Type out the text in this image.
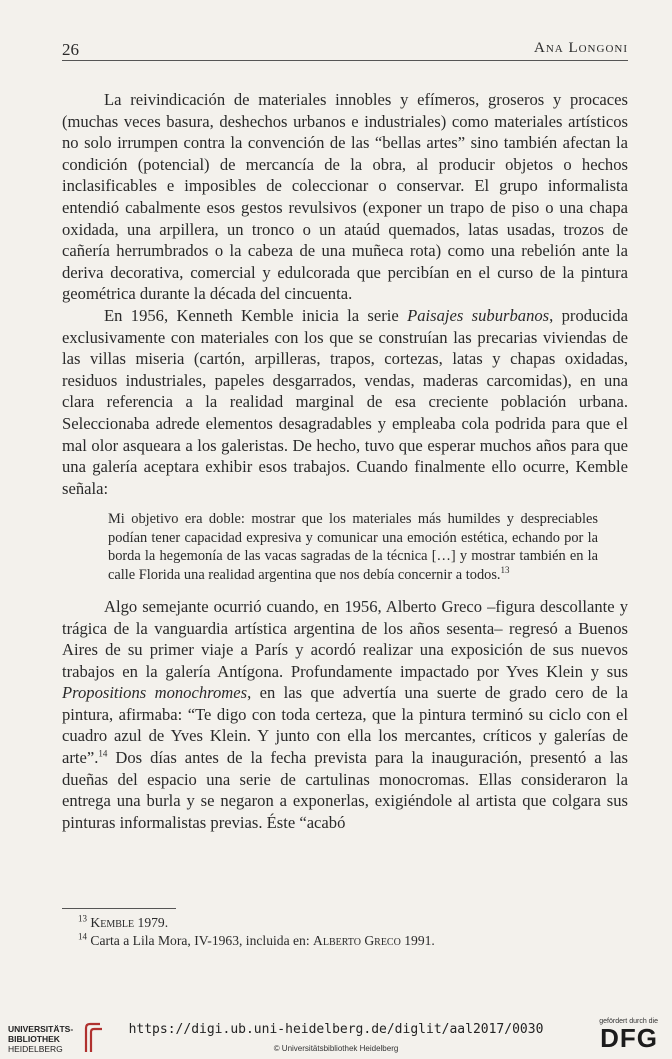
26	Ana Longoni

La reivindicación de materiales innobles y efímeros, groseros y procaces (muchas veces basura, deshechos urbanos e industriales) como materiales artísticos no solo irrumpen contra la convención de las “bellas artes” sino también afectan la condición (potencial) de mercancía de la obra, al producir objetos o hechos inclasificables e imposibles de coleccionar o conservar. El grupo informalista entendió cabalmente esos gestos revulsivos (exponer un trapo de piso o una chapa oxidada, una arpillera, un tronco o un ataúd quemados, latas usadas, trozos de cañería herrumbrados o la cabeza de una muñeca rota) como una rebelión ante la deriva decorativa, comercial y edulcorada que percibían en el curso de la pintura geométrica durante la década del cincuenta.

En 1956, Kenneth Kemble inicia la serie Paisajes suburbanos, producida exclusivamente con materiales con los que se construían las precarias viviendas de las villas miseria (cartón, arpilleras, trapos, cortezas, latas y chapas oxidadas, residuos industriales, papeles desgarrados, vendas, maderas carcomidas), en una clara referencia a la realidad marginal de esa creciente población urbana. Seleccionaba adrede elementos desagradables y empleaba cola podrida para que el mal olor asqueara a los galeristas. De hecho, tuvo que esperar muchos años para que una galería aceptara exhibir esos trabajos. Cuando finalmente ello ocurre, Kemble señala:

Mi objetivo era doble: mostrar que los materiales más humildes y despreciables podían tener capacidad expresiva y comunicar una emoción estética, echando por la borda la hegemonía de las vacas sagradas de la técnica […] y mostrar también en la calle Florida una realidad argentina que nos debía concernir a todos.$^{13}$

Algo semejante ocurrió cuando, en 1956, Alberto Greco –figura descollante y trágica de la vanguardia artística argentina de los años sesenta– regresó a Buenos Aires de su primer viaje a París y acordó realizar una exposición de sus nuevos trabajos en la galería Antígona. Profundamente impactado por Yves Klein y sus Propositions monochromes, en las que advertía una suerte de grado cero de la pintura, afirmaba: “Te digo con toda certeza, que la pintura terminó su ciclo con el cuadro azul de Yves Klein. Y junto con ella los mercantes, críticos y galerías de arte”.$^{14}$ Dos días antes de la fecha prevista para la inauguración, presentó a las dueñas del espacio una serie de cartulinas monocromas. Ellas consideraron la entrega una burla y se negaron a exponerlas, exigiéndole al artista que colgara sus pinturas informalistas previas. Éste “acabó

$^{13}$ Kemble 1979.
$^{14}$ Carta a Lila Mora, IV-1963, incluida en: Alberto Greco 1991.
UNIVERSITÄTS-
BIBLIOTHEK
HEIDELBERG
https://digi.ub.uni-heidelberg.de/diglit/aal2017/0030
© Universitätsbibliothek Heidelberg
gefördert durch die
DFG
